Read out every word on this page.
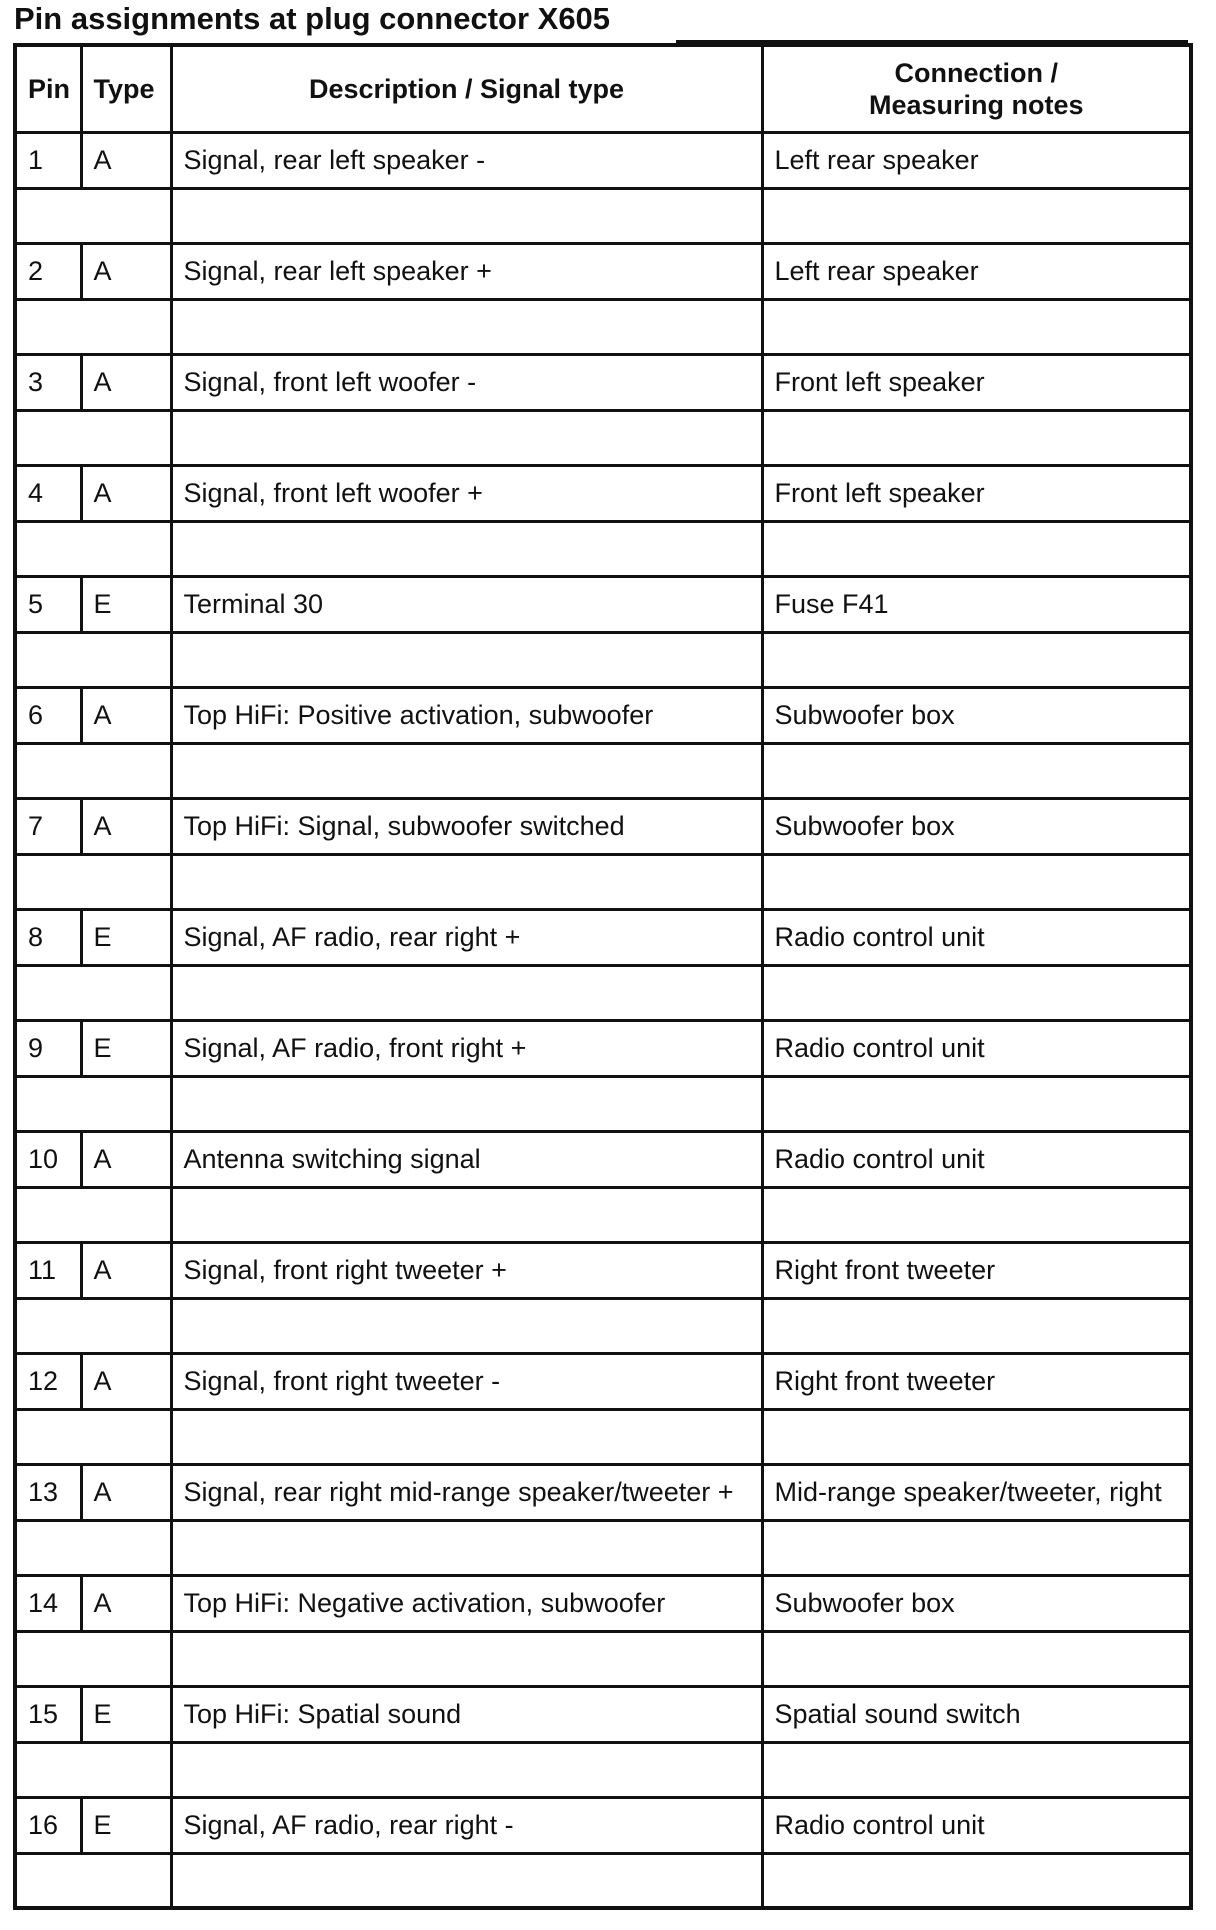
Pin assignments at plug connector X605
Pin	Type	Description / Signal type	Connection /
Measuring notes

1	A	Signal, rear left speaker -	Left rear speaker

2	A	Signal, rear left speaker +	Left rear speaker

3	A	Signal, front left woofer -	Front left speaker

4	A	Signal, front left woofer +	Front left speaker

5	E	Terminal 30	Fuse F41

6	A	Top HiFi: Positive activation, subwoofer	Subwoofer box

7	A	Top HiFi: Signal, subwoofer switched	Subwoofer box

8	E	Signal, AF radio, rear right +	Radio control unit

9	E	Signal, AF radio, front right +	Radio control unit

10	A	Antenna switching signal	Radio control unit

11	A	Signal, front right tweeter +	Right front tweeter

12	A	Signal, front right tweeter -	Right front tweeter

13	A	Signal, rear right mid-range speaker/tweeter +	Mid-range speaker/tweeter, right

14	A	Top HiFi: Negative activation, subwoofer	Subwoofer box

15	E	Top HiFi: Spatial sound	Spatial sound switch

16	E	Signal, AF radio, rear right -	Radio control unit
